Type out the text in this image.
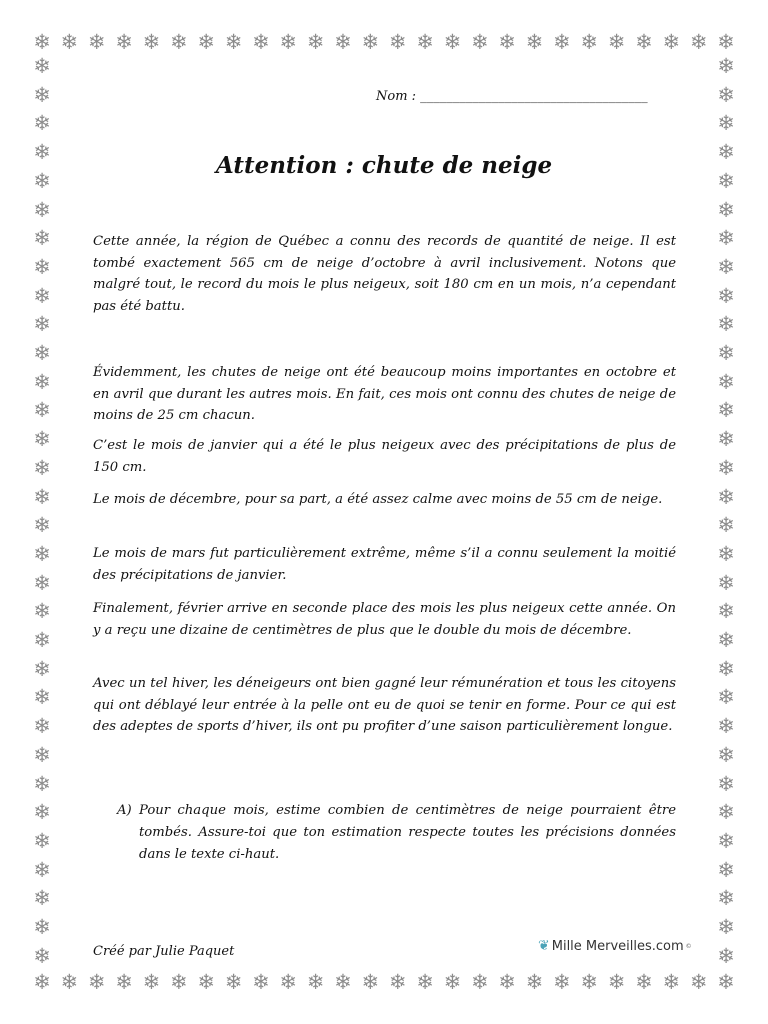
❄ ❄ ❄ ❄ ❄ ❄ ❄ ❄ ❄ ❄ ❄ ❄ ❄ ❄ ❄ ❄ ❄ ❄ ❄ ❄ ❄ ❄ ❄ ❄ ❄ ❄
❄ ❄ ❄ ❄ ❄ ❄ ❄ ❄ ❄ ❄ ❄ ❄ ❄ ❄ ❄ ❄ ❄ ❄ ❄ ❄ ❄ ❄ ❄ ❄ ❄ ❄
❄
❄
❄
❄
❄
❄
❄
❄
❄
❄
❄
❄
❄
❄
❄
❄
❄
❄
❄
❄
❄
❄
❄
❄
❄
❄
❄
❄
❄
❄
❄
❄
❄
❄
❄
❄
❄
❄
❄
❄
❄
❄
❄
❄
❄
❄
❄
❄
❄
❄
❄
❄
❄
❄
❄
❄
❄
❄
❄
❄
❄
❄
❄
❄
Nom : ___________________________________
Attention : chute de neige

Cette année, la région de Québec a connu des records de quantité de neige. Il est tombé exactement 565 cm de neige d’octobre à avril inclusivement. Notons que malgré tout, le record du mois le plus neigeux, soit 180 cm en un mois, n’a cependant pas été battu.

Évidemment, les chutes de neige ont été beaucoup moins importantes en octobre et en avril que durant les autres mois. En fait, ces mois ont connu des chutes de neige de moins de 25 cm chacun.

C’est le mois de janvier qui a été le plus neigeux avec des précipitations de plus de 150 cm.

Le mois de décembre, pour sa part, a été assez calme avec moins de 55 cm de neige.

Le mois de mars fut particulièrement extrême, même s’il a connu seulement la moitié des précipitations de janvier.

Finalement, février arrive en seconde place des mois les plus neigeux cette année. On y a reçu une dizaine de centimètres de plus que le double du mois de décembre.

Avec un tel hiver, les déneigeurs ont bien gagné leur rémunération et tous les citoyens qui ont déblayé leur entrée à la pelle ont eu de quoi se tenir en forme. Pour ce qui est des adeptes de sports d’hiver, ils ont pu profiter d’une saison particulièrement longue.

A) Pour chaque mois, estime combien de centimètres de neige pourraient être tombés. Assure-toi que ton estimation respecte toutes les précisions données dans le texte ci-haut.
Créé par Julie Paquet	❦ Mille Merveilles.com ©
